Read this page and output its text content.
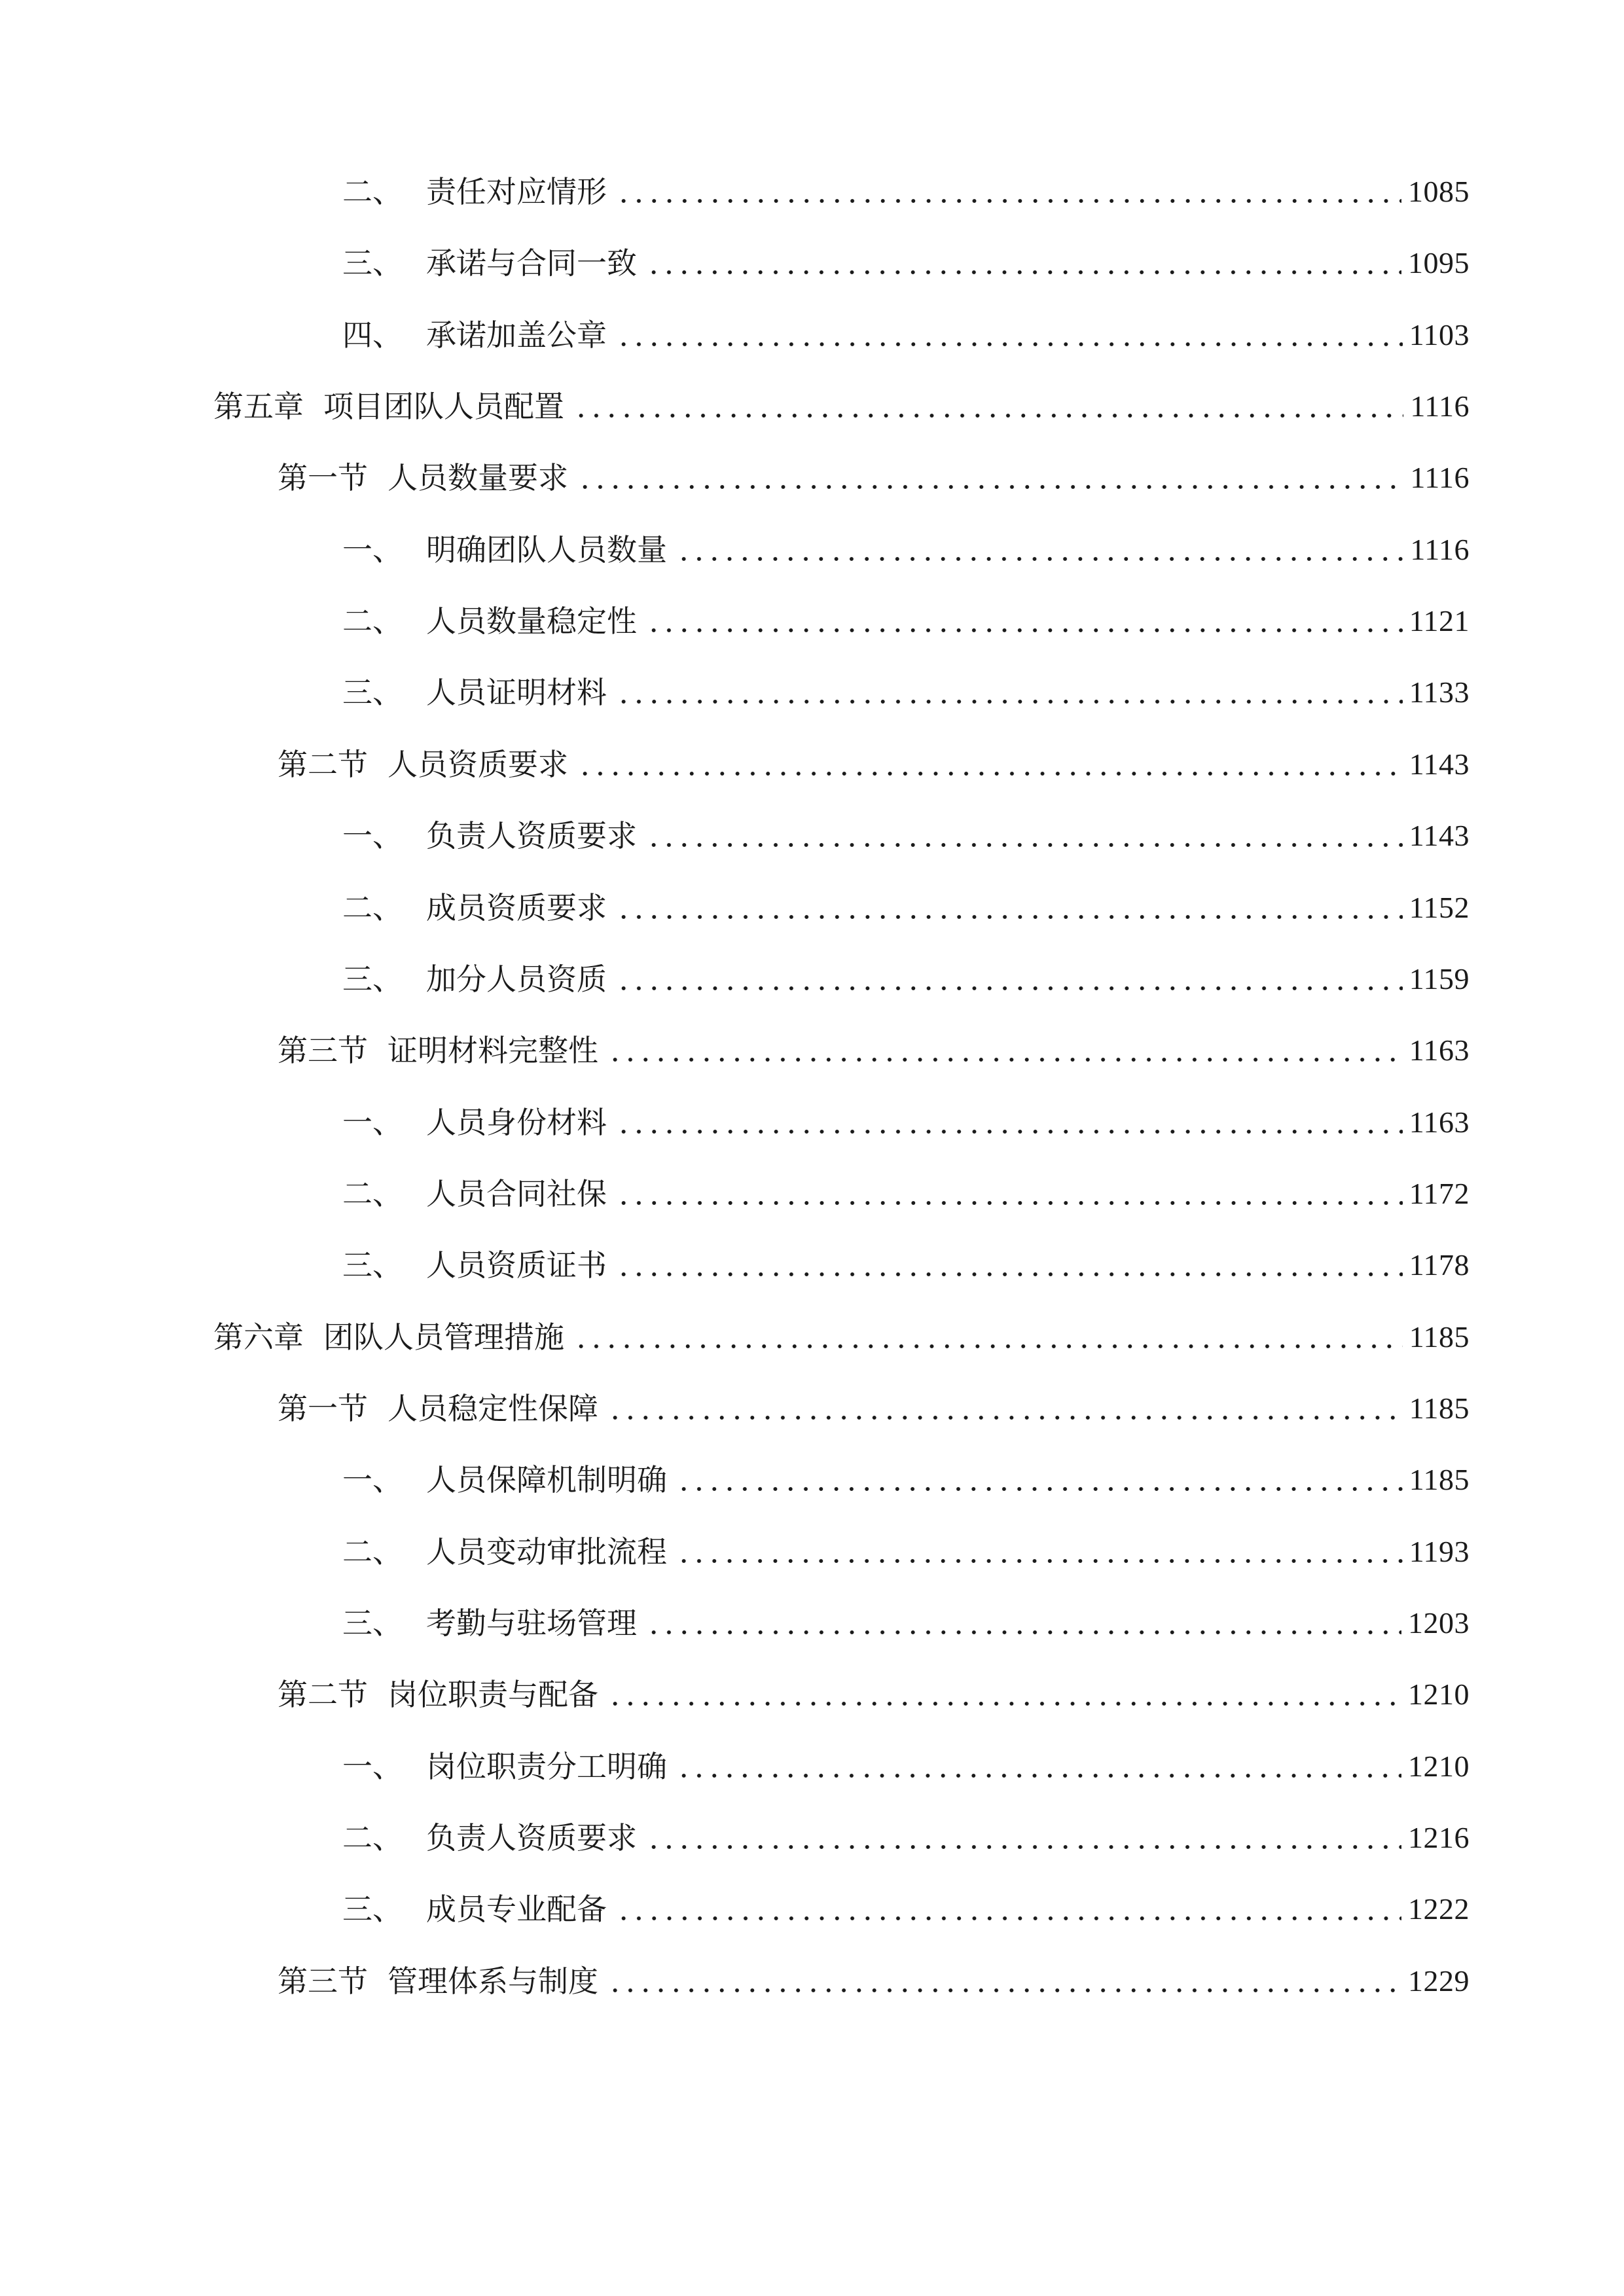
二、 责任对应情形	1085
三、 承诺与合同一致	1095
四、 承诺加盖公章	1103
第五章 项目团队人员配置	1116
第一节 人员数量要求	1116
一、 明确团队人员数量	1116
二、 人员数量稳定性	1121
三、 人员证明材料	1133
第二节 人员资质要求	1143
一、 负责人资质要求	1143
二、 成员资质要求	1152
三、 加分人员资质	1159
第三节 证明材料完整性	1163
一、 人员身份材料	1163
二、 人员合同社保	1172
三、 人员资质证书	1178
第六章 团队人员管理措施	1185
第一节 人员稳定性保障	1185
一、 人员保障机制明确	1185
二、 人员变动审批流程	1193
三、 考勤与驻场管理	1203
第二节 岗位职责与配备	1210
一、 岗位职责分工明确	1210
二、 负责人资质要求	1216
三、 成员专业配备	1222
第三节 管理体系与制度	1229
